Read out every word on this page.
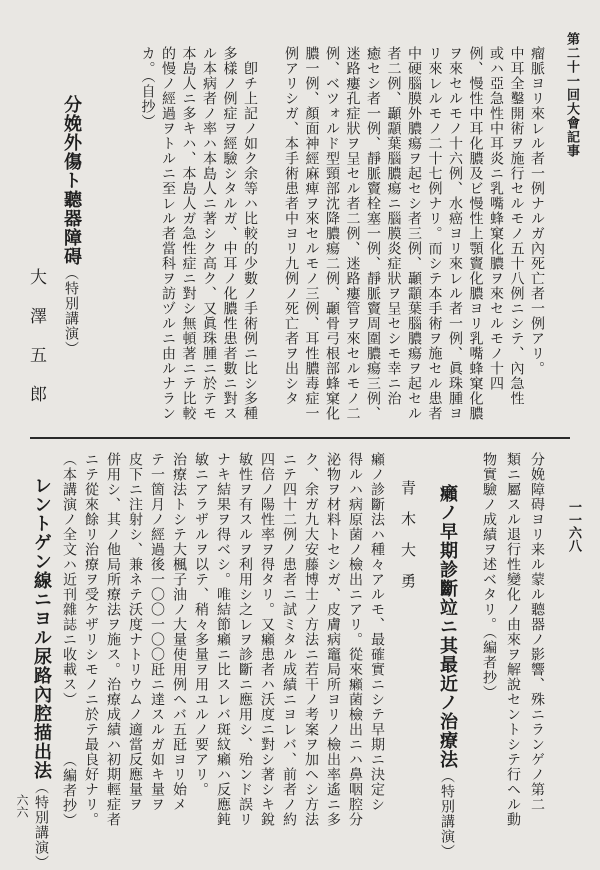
第二十一回大會記事
一一六八
瘤脈ヨリ來レル者一例ナルガ內死亡者一例アリ。
中耳全鑿開術ヲ施行セルモノ五十八例ニシテ、內急性
或ハ亞急性中耳炎ニ乳嘴蜂窠化膿ヲ來セルモノ十四
例、慢性中耳化膿及ビ慢性上顎竇化膿ヨリ乳嘴蜂窠化膿
ヲ來セルモノ十六例、水癌ヨリ來レル者一例、眞珠腫ヨ
リ來レルモノ二十七例ナリ。而シテ本手術ヲ施セル患者
中硬腦膜外膿瘍ヲ起セシ者三例、顳顬葉腦膿瘍ヲ起セル
者二例、顳顬葉腦膿瘍ニ腦膜炎症狀ヲ呈セシモ幸ニ治
癒セシ者一例、靜脈竇栓塞一例、靜脈竇周圍膿瘍三例、
迷路瘻孔症狀ヲ呈セル者二例、迷路瘻管ヲ來セルモノ二
例、ベツォルド型頸部沈降膿瘍二例、顳骨弓根部蜂窠化
膿一例、顏面神經麻痺ヲ來セルモノ三例、耳性膿毒症一
例アリシガ、本手術患者中ヨリ九例ノ死亡者ヲ出シタ
　卽チ上記ノ如ク余等ハ比較的少數ノ手術例ニ比シ多種
多樣ノ例症ヲ經驗シタルガ、中耳ノ化膿性患者數ニ對ス
ル本病者ノ率ハ本島人ニ著シク高ク、又眞珠腫ニ於テモ
本島人ニ多キハ、本島人ガ急性症ニ對シ無頓著ニテ比較
的慢ノ經過ヲトルニ至レル者當科ヲ訪ヅルニ由ルナラン
カ。（自抄）
分娩外傷ト聽器障碍（特別講演）
大澤五郎
分娩障碍ヨリ来ル蒙ル聽器ノ影響、殊ニランゲノ第二
類ニ屬スル退行性變化ノ由來ヲ解說セントシテ行ヘル動
物實驗ノ成績ヲ述ベタリ。（編者抄）
癩ノ早期診斷竝ニ其最近ノ治療法（特別講演）
青木大勇
癩ノ診斷法ハ種々アルモ、最確實ニシテ早期ニ決定シ
得ルハ病原菌ノ檢出ニアリ。從來癩菌檢出ニハ鼻咽腔分
泌物ヲ材料トセシガ、皮膚病竈局所ヨリノ檢出率遙ニ多
ク、余ガ九大安藤博士ノ方法ニ若干ノ考案ヲ加ヘシ方法
ニテ四十二例ノ患者ニ試ミタル成績ニヨレバ、前者ノ約
四倍ノ陽性率ヲ得タリ。又癩患者ハ沃度ニ對シ著シキ銳
敏性ヲ有スルヲ利用シ之レヲ診斷ニ應用シ、殆ンド誤リ
ナキ結果ヲ得ベシ。唯結節癩ニ比スレバ斑紋癩ハ反應鈍
敏ニアラザルヲ以テ、稍々多量ヲ用ユルノ要アリ。
治療法トシテ大楓子油ノ大量使用例ヘバ五瓩ヨリ始メ
テ一箇月ノ經過後一〇〇一〇〇瓩ニ達スルガ如キ量ヲ
皮下ニ注射シ、兼ネテ沃度ナトリウムノ適當反應量ヲ
併用シ、其ノ他局所療法ヲ施ス。治療成績ハ初期輕症者
ニテ從來餘リ治療ヲ受ケザリシモノニ於テ最良好ナリ。
（本講演ノ全文ハ近刊雜誌ニ收載ス）　　　　（編者抄）
レントゲン線ニヨル尿路內腔描出法（特別講演）
六六
